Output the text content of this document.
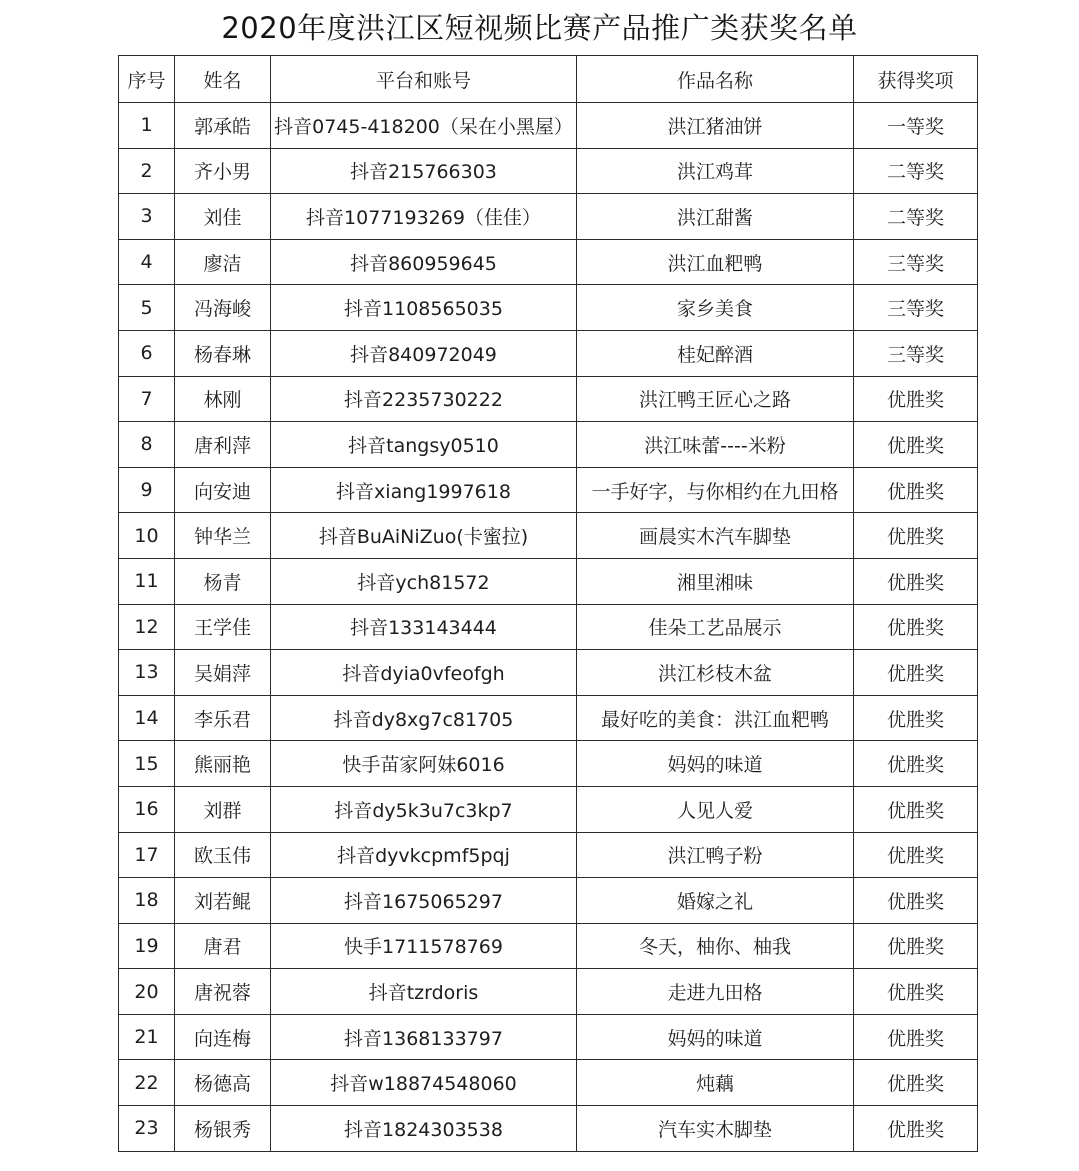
2020年度洪江区短视频比赛产品推广类获奖名单
序号	姓名	平台和账号	作品名称	获得奖项
1	郭承皓	抖音0745-418200（呆在小黑屋）	洪江猪油饼	一等奖
2	齐小男	抖音215766303	洪江鸡茸	二等奖
3	刘佳	抖音1077193269（佳佳）	洪江甜酱	二等奖
4	廖洁	抖音860959645	洪江血粑鸭	三等奖
5	冯海峻	抖音1108565035	家乡美食	三等奖
6	杨春琳	抖音840972049	桂妃醉酒	三等奖
7	林刚	抖音2235730222	洪江鸭王匠心之路	优胜奖
8	唐利萍	抖音tangsy0510	洪江味蕾----米粉	优胜奖
9	向安迪	抖音xiang1997618	一手好字，与你相约在九田格	优胜奖
10	钟华兰	抖音BuAiNiZuo(卡蜜拉)	画晨实木汽车脚垫	优胜奖
11	杨青	抖音ych81572	湘里湘味	优胜奖
12	王学佳	抖音133143444	佳朵工艺品展示	优胜奖
13	吴娟萍	抖音dyia0vfeofgh	洪江杉枝木盆	优胜奖
14	李乐君	抖音dy8xg7c81705	最好吃的美食：洪江血粑鸭	优胜奖
15	熊丽艳	快手苗家阿妹6016	妈妈的味道	优胜奖
16	刘群	抖音dy5k3u7c3kp7	人见人爱	优胜奖
17	欧玉伟	抖音dyvkcpmf5pqj	洪江鸭子粉	优胜奖
18	刘若鲲	抖音1675065297	婚嫁之礼	优胜奖
19	唐君	快手1711578769	冬天，柚你、柚我	优胜奖
20	唐祝蓉	抖音tzrdoris	走进九田格	优胜奖
21	向连梅	抖音1368133797	妈妈的味道	优胜奖
22	杨德高	抖音w18874548060	炖藕	优胜奖
23	杨银秀	抖音1824303538	汽车实木脚垫	优胜奖
